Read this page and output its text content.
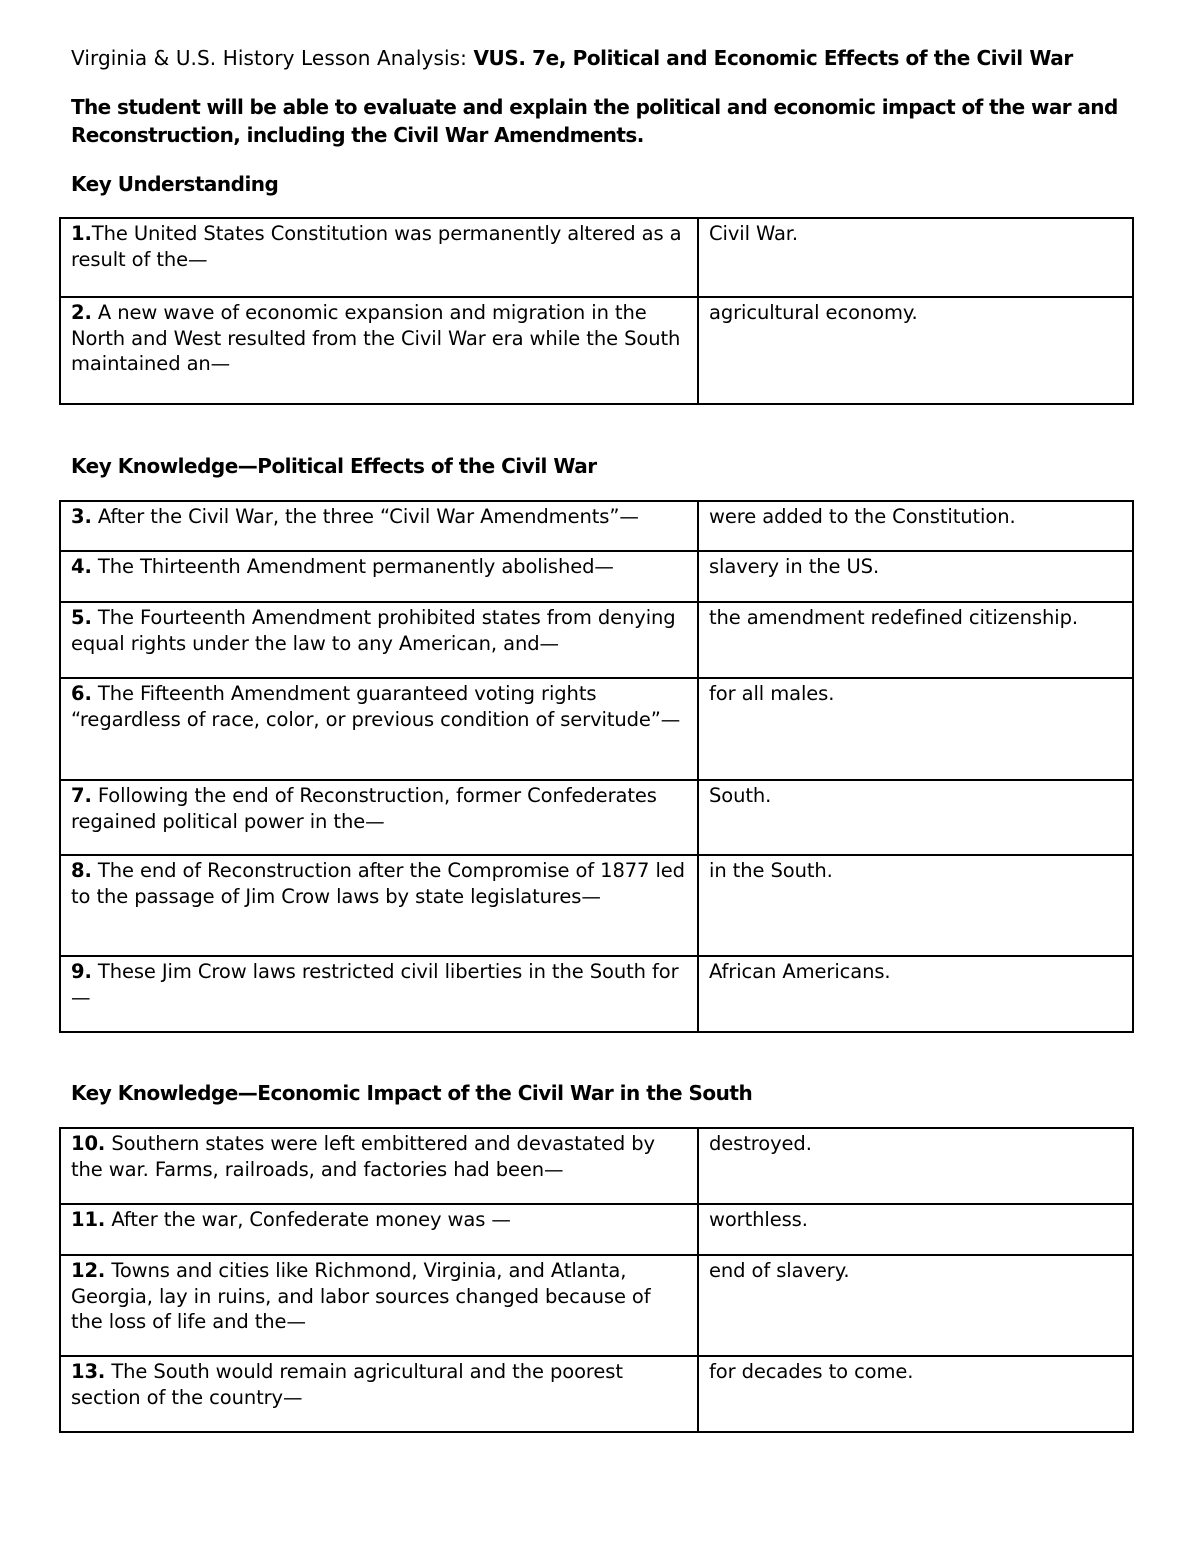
Virginia & U.S. History Lesson Analysis: VUS. 7e, Political and Economic Effects of the Civil War
The student will be able to evaluate and explain the political and economic impact of the war and Reconstruction, including the Civil War Amendments.
Key Understanding
1.The United States Constitution was permanently altered as a result of the—	Civil War.
2. A new wave of economic expansion and migration in the North and West resulted from the Civil War era while the South maintained an—	agricultural economy.
Key Knowledge—Political Effects of the Civil War
3. After the Civil War, the three “Civil War Amendments”—	were added to the Constitution.
4. The Thirteenth Amendment permanently abolished—	slavery in the US.
5. The Fourteenth Amendment prohibited states from denying equal rights under the law to any American, and—	the amendment redefined citizenship.
6. The Fifteenth Amendment guaranteed voting rights “regardless of race, color, or previous condition of servitude”—	for all males.
7. Following the end of Reconstruction, former Confederates regained political power in the—	South.
8. The end of Reconstruction after the Compromise of 1877 led to the passage of Jim Crow laws by state legislatures—	in the South.
9. These Jim Crow laws restricted civil liberties in the South for—	African Americans.
Key Knowledge—Economic Impact of the Civil War in the South
10. Southern states were left embittered and devastated by the war. Farms, railroads, and factories had been—	destroyed.
11. After the war, Confederate money was —	worthless.
12. Towns and cities like Richmond, Virginia, and Atlanta, Georgia, lay in ruins, and labor sources changed because of the loss of life and the—	end of slavery.
13. The South would remain agricultural and the poorest section of the country—	for decades to come.
